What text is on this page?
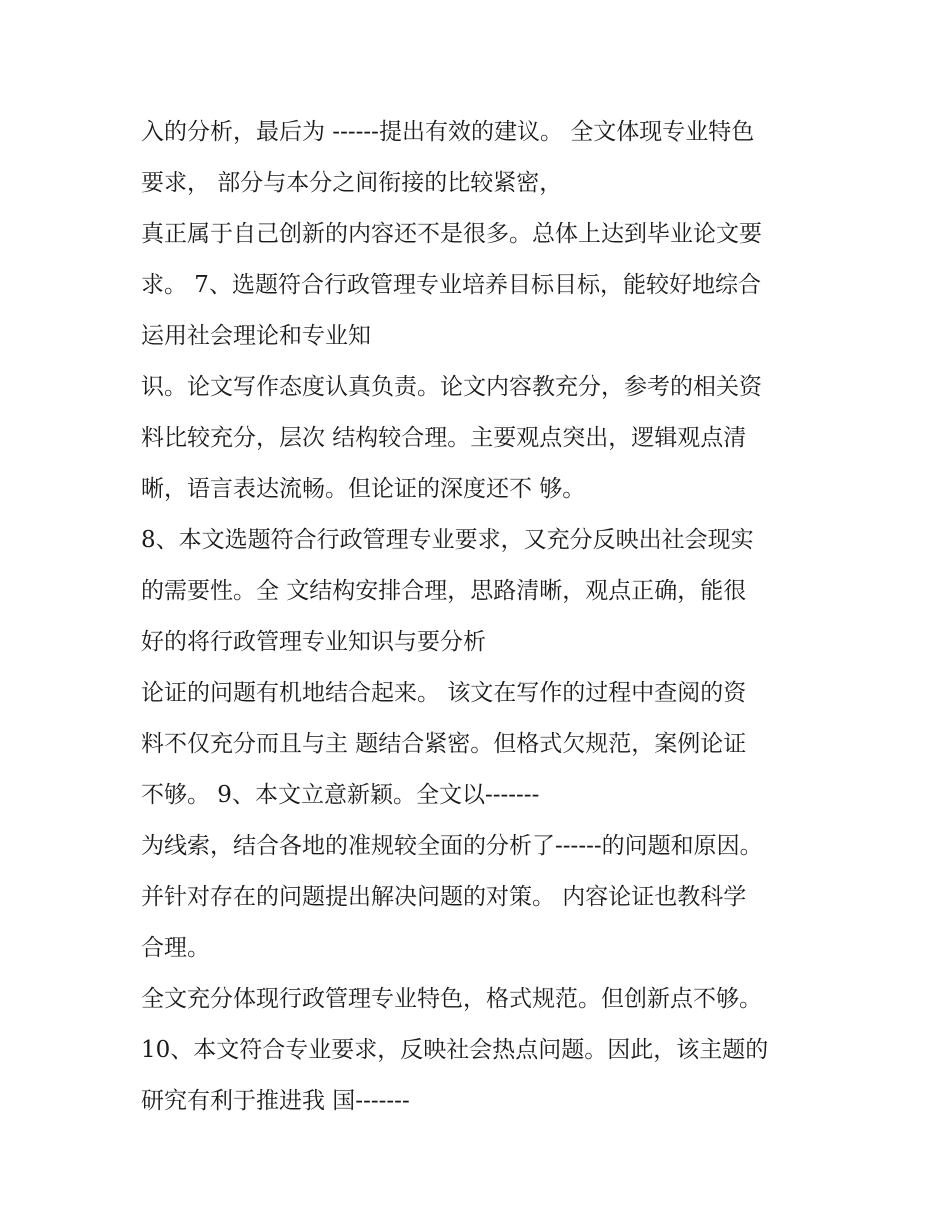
入的分析，最后为 ------提出有效的建议。 全文体现专业特色
要求， 部分与本分之间衔接的比较紧密，
真正属于自己创新的内容还不是很多。总体上达到毕业论文要
求。 7、选题符合行政管理专业培养目标目标，能较好地综合
运用社会理论和专业知
识。论文写作态度认真负责。论文内容教充分，参考的相关资
料比较充分，层次 结构较合理。主要观点突出，逻辑观点清
晰，语言表达流畅。但论证的深度还不 够。
8、本文选题符合行政管理专业要求，又充分反映出社会现实
的需要性。全 文结构安排合理，思路清晰，观点正确，能很
好的将行政管理专业知识与要分析
论证的问题有机地结合起来。 该文在写作的过程中查阅的资
料不仅充分而且与主 题结合紧密。但格式欠规范，案例论证
不够。 9、本文立意新颖。全文以-------
为线索，结合各地的准规较全面的分析了------的问题和原因。
并针对存在的问题提出解决问题的对策。 内容论证也教科学
合理。
全文充分体现行政管理专业特色，格式规范。但创新点不够。
10、本文符合专业要求，反映社会热点问题。因此，该主题的
研究有利于推进我 国-------
